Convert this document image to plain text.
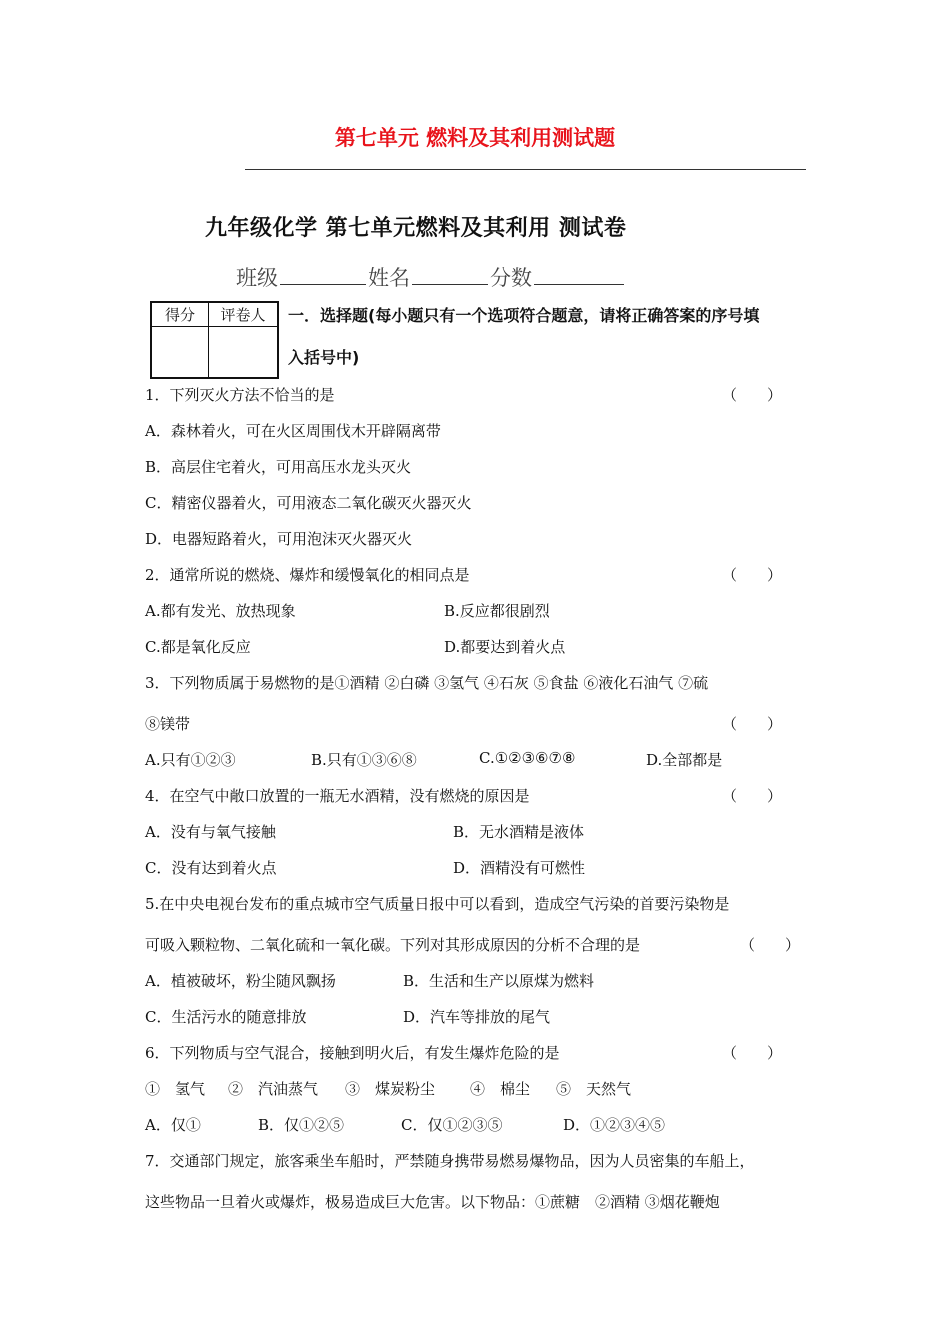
第七单元 燃料及其利用测试题
九年级化学 第七单元燃料及其利用 测试卷
班级	姓名	分数
得分	评卷人
	一．选择题(每小题只有一个选项符合题意，请将正确答案的序号填
入括号中)
1．下列灭火方法不恰当的是	（　　）
A．森林着火，可在火区周围伐木开辟隔离带
B．高层住宅着火，可用高压水龙头灭火
C．精密仪器着火，可用液态二氧化碳灭火器灭火
D．电器短路着火，可用泡沫灭火器灭火
2．通常所说的燃烧、爆炸和缓慢氧化的相同点是	（　　）
A.都有发光、放热现象	B.反应都很剧烈
C.都是氧化反应	D.都要达到着火点
3．下列物质属于易燃物的是①酒精 ②白磷 ③氢气 ④石灰 ⑤食盐 ⑥液化石油气 ⑦硫
⑧镁带	（　　）
A.只有①②③	B.只有①③⑥⑧	C.①②③⑥⑦⑧	D.全部都是
4．在空气中敞口放置的一瓶无水酒精，没有燃烧的原因是	（　　）
A．没有与氧气接触	B．无水酒精是液体
C．没有达到着火点	D．酒精没有可燃性
5.在中央电视台发布的重点城市空气质量日报中可以看到，造成空气污染的首要污染物是
可吸入颗粒物、二氧化硫和一氧化碳。下列对其形成原因的分析不合理的是	（　　）
A．植被破坏，粉尘随风飘扬	B．生活和生产以原煤为燃料
C．生活污水的随意排放	D．汽车等排放的尾气
6．下列物质与空气混合，接触到明火后，有发生爆炸危险的是	（　　）
①　氢气 ②　汽油蒸气 ③　煤炭粉尘 ④　棉尘 ⑤　天然气
A．仅①	B．仅①②⑤	C．仅①②③⑤	D．①②③④⑤
7．交通部门规定，旅客乘坐车船时，严禁随身携带易燃易爆物品，因为人员密集的车船上，
这些物品一旦着火或爆炸，极易造成巨大危害。以下物品：①蔗糖　②酒精 ③烟花鞭炮
